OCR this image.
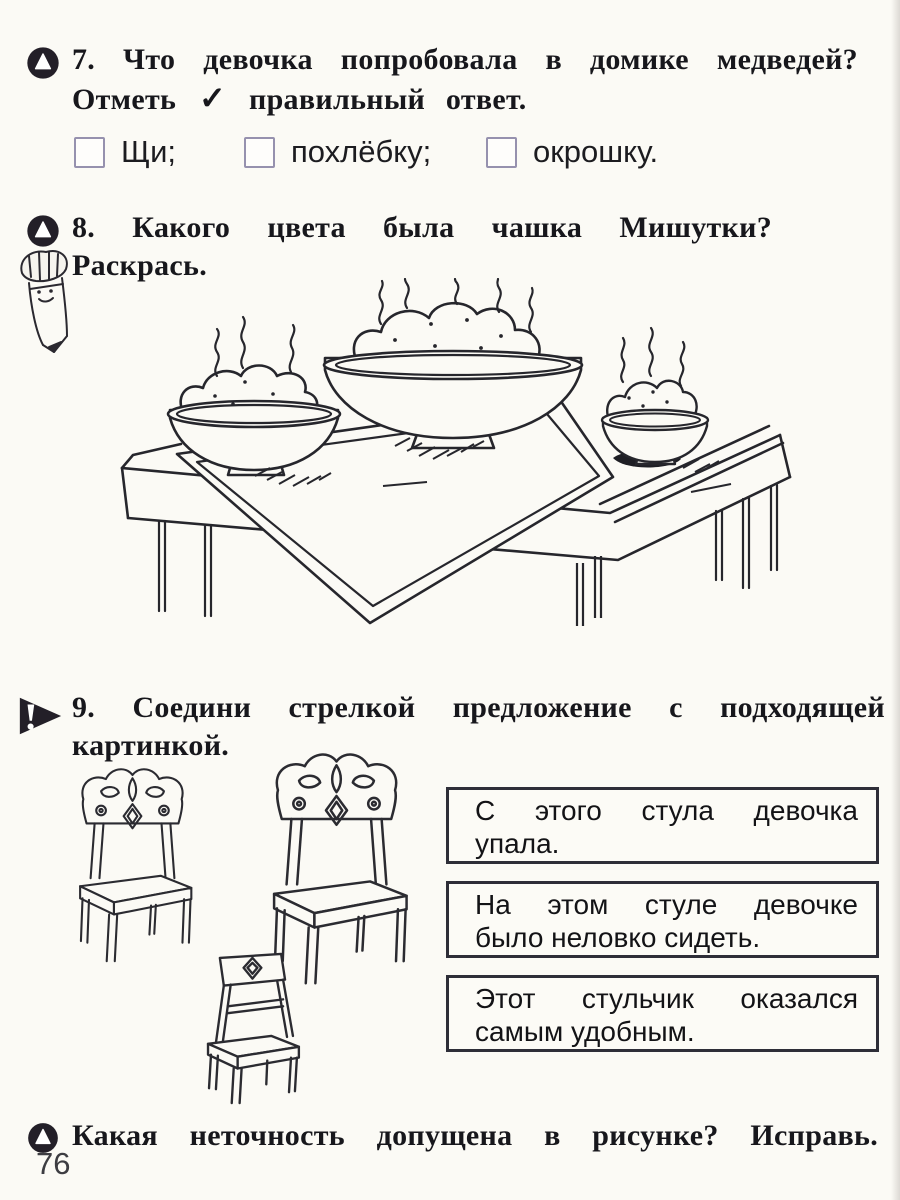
7. Что девочка попробовала в домике медведей?
Отметь ✓ правильный ответ.
Щи;	похлёбку;	окрошку.
8. Какого цвета была чашка Мишутки?
Раскрась.
9. Соедини стрелкой предложение с подходящей
картинкой.
С этого стула девочка
упала.
На этом стуле девочке
было неловко сидеть.
Этот стульчик оказался
самым удобным.
Какая неточность допущена в рисунке? Исправь.
76
